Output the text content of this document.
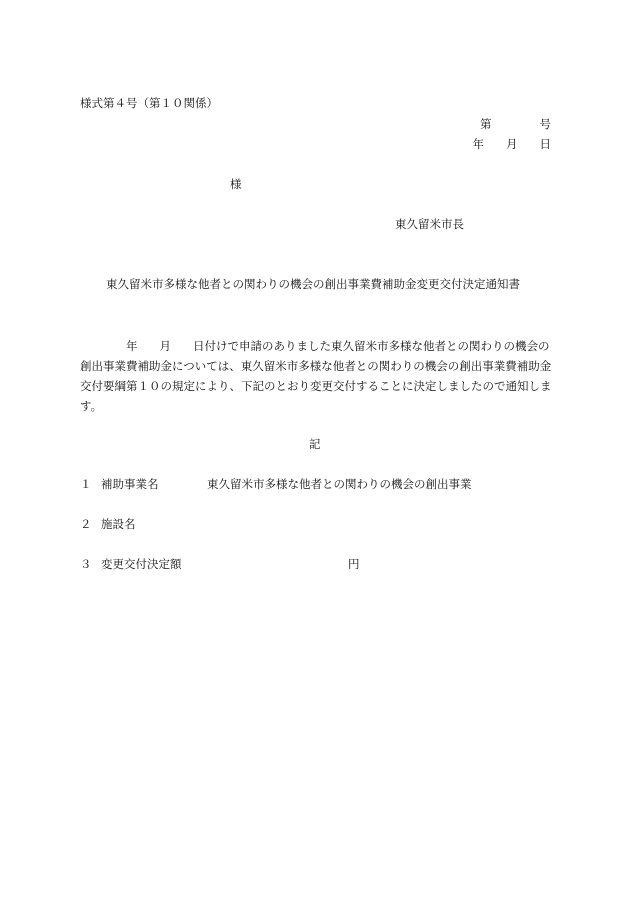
様式第４号（第１０関係）
第	号
年 月 日
様
東久留米市長
東久留米市多様な他者との関わりの機会の創出事業費補助金変更交付決定通知書
年 月 日付けで申請のありました東久留米市多様な他者との関わりの機会の創出事業費補助金については、東久留米市多様な他者との関わりの機会の創出事業費補助金交付要綱第１０の規定により、下記のとおり変更交付することに決定しましたので通知します。
記
１ 補助事業名	東久留米市多様な他者との関わりの機会の創出事業
２ 施設名
３ 変更交付決定額	円
